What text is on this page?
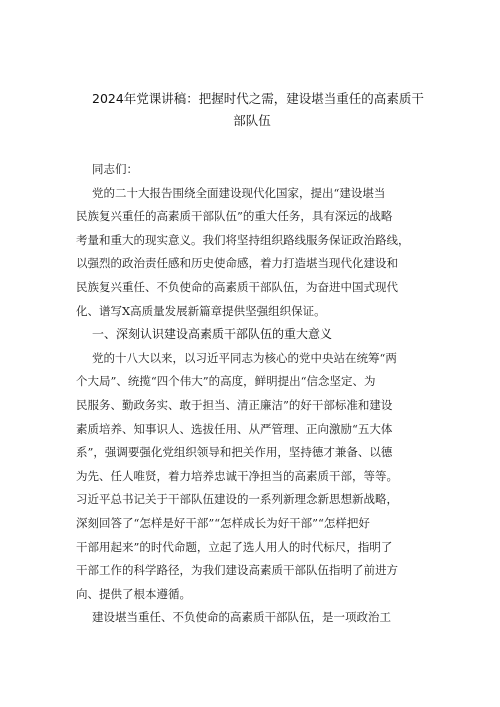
2024年党课讲稿：把握时代之需，建设堪当重任的高素质干
部队伍

同志们：

党的二十大报告围绕全面建设现代化国家，提出“建设堪当
民族复兴重任的高素质干部队伍”的重大任务，具有深远的战略
考量和重大的现实意义。我们将坚持组织路线服务保证政治路线，
以强烈的政治责任感和历史使命感，着力打造堪当现代化建设和
民族复兴重任、不负使命的高素质干部队伍，为奋进中国式现代
化、谱写X高质量发展新篇章提供坚强组织保证。

一、深刻认识建设高素质干部队伍的重大意义

党的十八大以来，以习近平同志为核心的党中央站在统筹“两
个大局”、统揽“四个伟大”的高度，鲜明提出“信念坚定、为
民服务、勤政务实、敢于担当、清正廉洁”的好干部标准和建设
素质培养、知事识人、选拔任用、从严管理、正向激励“五大体
系”，强调要强化党组织领导和把关作用，坚持德才兼备、以德
为先、任人唯贤，着力培养忠诚干净担当的高素质干部，等等。
习近平总书记关于干部队伍建设的一系列新理念新思想新战略，
深刻回答了“怎样是好干部”“怎样成长为好干部”“怎样把好
干部用起来”的时代命题，立起了选人用人的时代标尺，指明了
干部工作的科学路径，为我们建设高素质干部队伍指明了前进方
向、提供了根本遵循。

建设堪当重任、不负使命的高素质干部队伍，是一项政治工
